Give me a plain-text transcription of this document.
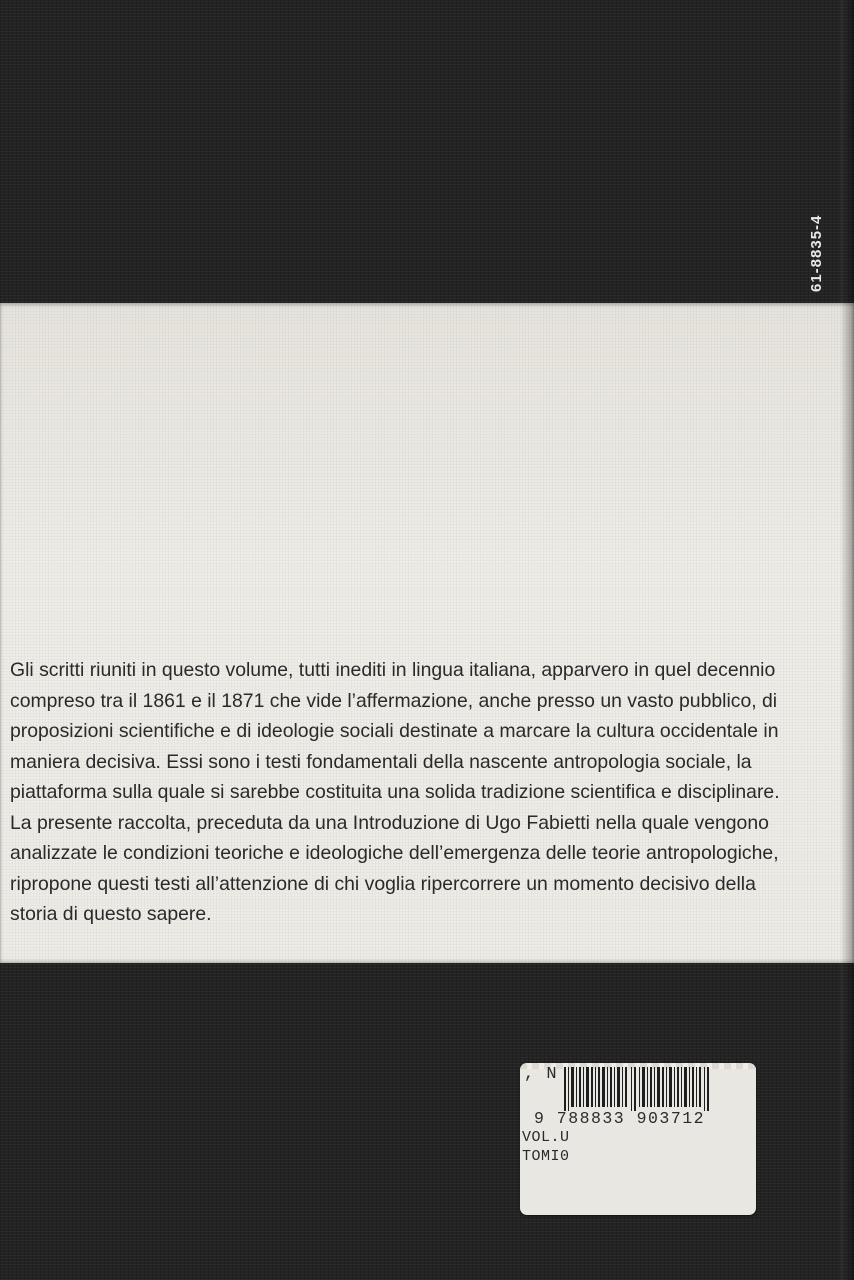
61-8835-4

Gli scritti riuniti in questo volume, tutti inediti in lingua italiana, apparvero in quel decennio compreso tra il 1861 e il 1871 che vide l’affermazione, anche presso un vasto pubblico, di proposizioni scientifiche e di ideologie sociali destinate a marcare la cultura occidentale in maniera decisiva. Essi sono i testi fondamentali della nascente antropologia sociale, la piattaforma sulla quale si sarebbe costituita una solida tradizione scientifica e disciplinare.

La presente raccolta, preceduta da una Introduzione di Ugo Fabietti nella quale vengono analizzate le condizioni teoriche e ideologiche dell’emergenza delle teorie antropologiche, ripropone questi testi all’attenzione di chi voglia ripercorrere un momento decisivo della storia di questo sapere.

, N
9 788833 903712
VOL.U
TOMI0
